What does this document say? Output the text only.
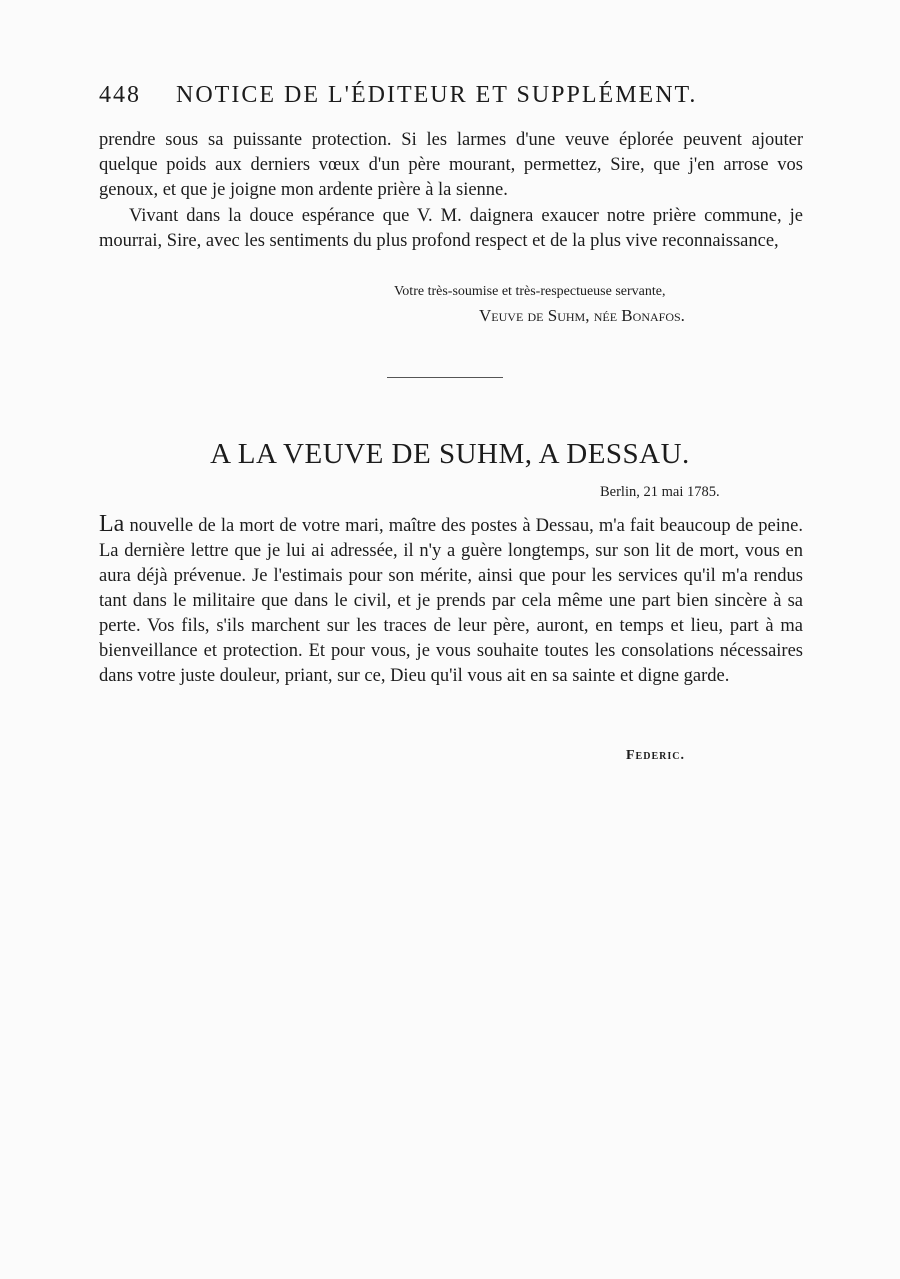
448 NOTICE DE L'ÉDITEUR ET SUPPLÉMENT.

prendre sous sa puissante protection. Si les larmes d'une veuve éplorée peuvent ajouter quelque poids aux derniers vœux d'un père mourant, permettez, Sire, que j'en arrose vos genoux, et que je joigne mon ardente prière à la sienne.

Vivant dans la douce espérance que V. M. daignera exaucer notre prière commune, je mourrai, Sire, avec les sentiments du plus profond respect et de la plus vive reconnaissance,

Votre très-soumise et très-respectueuse servante,
Veuve de Suhm, née Bonafos.
A LA VEUVE DE SUHM, A DESSAU.
Berlin, 21 mai 1785.

La nouvelle de la mort de votre mari, maître des postes à Dessau, m'a fait beaucoup de peine. La dernière lettre que je lui ai adressée, il n'y a guère longtemps, sur son lit de mort, vous en aura déjà prévenue. Je l'estimais pour son mérite, ainsi que pour les services qu'il m'a rendus tant dans le militaire que dans le civil, et je prends par cela même une part bien sincère à sa perte. Vos fils, s'ils marchent sur les traces de leur père, auront, en temps et lieu, part à ma bienveillance et protection. Et pour vous, je vous souhaite toutes les consolations nécessaires dans votre juste douleur, priant, sur ce, Dieu qu'il vous ait en sa sainte et digne garde.

Federic.
